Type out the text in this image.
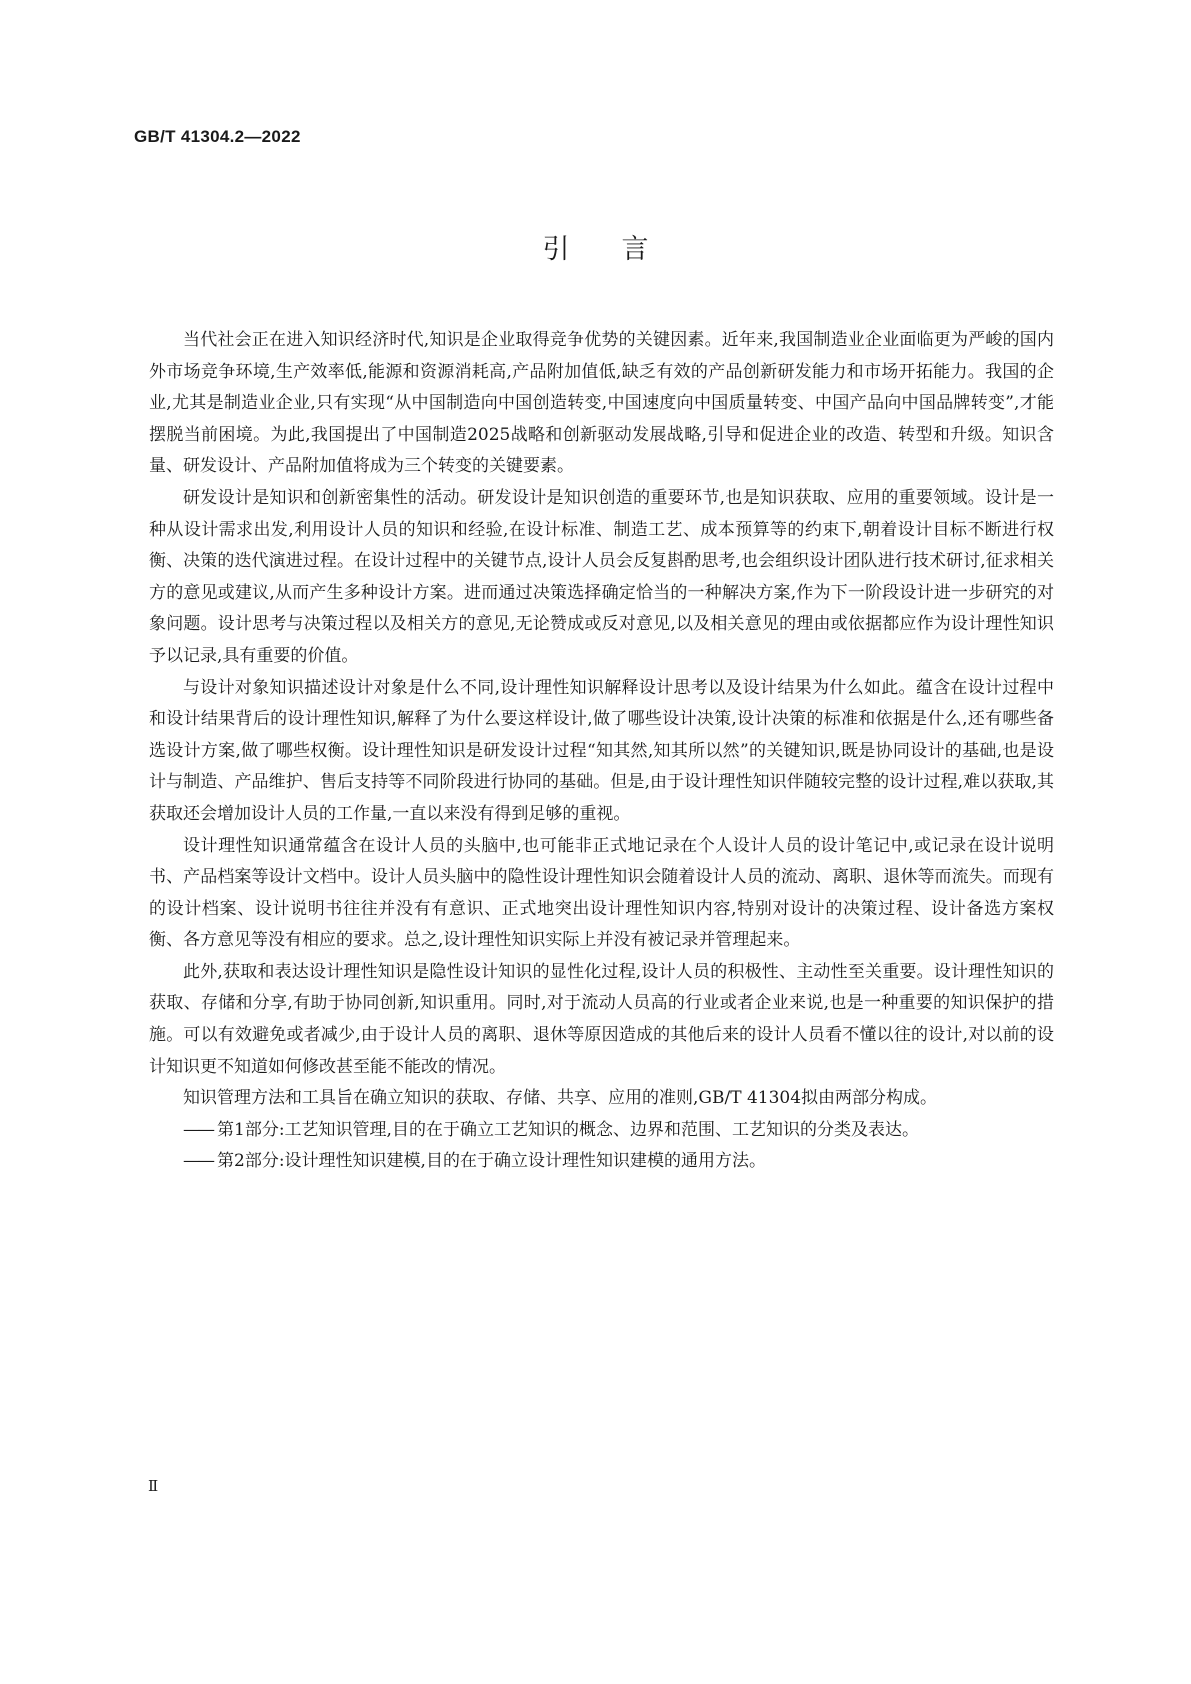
GB/T 41304.2—2022
引言

当代社会正在进入知识经济时代,知识是企业取得竞争优势的关键因素。近年来,我国制造业企业面临更为严峻的国内外市场竞争环境,生产效率低,能源和资源消耗高,产品附加值低,缺乏有效的产品创新研发能力和市场开拓能力。我国的企业,尤其是制造业企业,只有实现“从中国制造向中国创造转变,中国速度向中国质量转变、中国产品向中国品牌转变”,才能摆脱当前困境。为此,我国提出了中国制造2025战略和创新驱动发展战略,引导和促进企业的改造、转型和升级。知识含量、研发设计、产品附加值将成为三个转变的关键要素。

研发设计是知识和创新密集性的活动。研发设计是知识创造的重要环节,也是知识获取、应用的重要领域。设计是一种从设计需求出发,利用设计人员的知识和经验,在设计标准、制造工艺、成本预算等的约束下,朝着设计目标不断进行权衡、决策的迭代演进过程。在设计过程中的关键节点,设计人员会反复斟酌思考,也会组织设计团队进行技术研讨,征求相关方的意见或建议,从而产生多种设计方案。进而通过决策选择确定恰当的一种解决方案,作为下一阶段设计进一步研究的对象问题。设计思考与决策过程以及相关方的意见,无论赞成或反对意见,以及相关意见的理由或依据都应作为设计理性知识予以记录,具有重要的价值。

与设计对象知识描述设计对象是什么不同,设计理性知识解释设计思考以及设计结果为什么如此。蕴含在设计过程中和设计结果背后的设计理性知识,解释了为什么要这样设计,做了哪些设计决策,设计决策的标准和依据是什么,还有哪些备选设计方案,做了哪些权衡。设计理性知识是研发设计过程“知其然,知其所以然”的关键知识,既是协同设计的基础,也是设计与制造、产品维护、售后支持等不同阶段进行协同的基础。但是,由于设计理性知识伴随较完整的设计过程,难以获取,其获取还会增加设计人员的工作量,一直以来没有得到足够的重视。

设计理性知识通常蕴含在设计人员的头脑中,也可能非正式地记录在个人设计人员的设计笔记中,或记录在设计说明书、产品档案等设计文档中。设计人员头脑中的隐性设计理性知识会随着设计人员的流动、离职、退休等而流失。而现有的设计档案、设计说明书往往并没有有意识、正式地突出设计理性知识内容,特别对设计的决策过程、设计备选方案权衡、各方意见等没有相应的要求。总之,设计理性知识实际上并没有被记录并管理起来。

此外,获取和表达设计理性知识是隐性设计知识的显性化过程,设计人员的积极性、主动性至关重要。设计理性知识的获取、存储和分享,有助于协同创新,知识重用。同时,对于流动人员高的行业或者企业来说,也是一种重要的知识保护的措施。可以有效避免或者减少,由于设计人员的离职、退休等原因造成的其他后来的设计人员看不懂以往的设计,对以前的设计知识更不知道如何修改甚至能不能改的情况。

知识管理方法和工具旨在确立知识的获取、存储、共享、应用的准则,GB/T 41304拟由两部分构成。

—— 第1部分:工艺知识管理,目的在于确立工艺知识的概念、边界和范围、工艺知识的分类及表达。
—— 第2部分:设计理性知识建模,目的在于确立设计理性知识建模的通用方法。
Ⅱ
